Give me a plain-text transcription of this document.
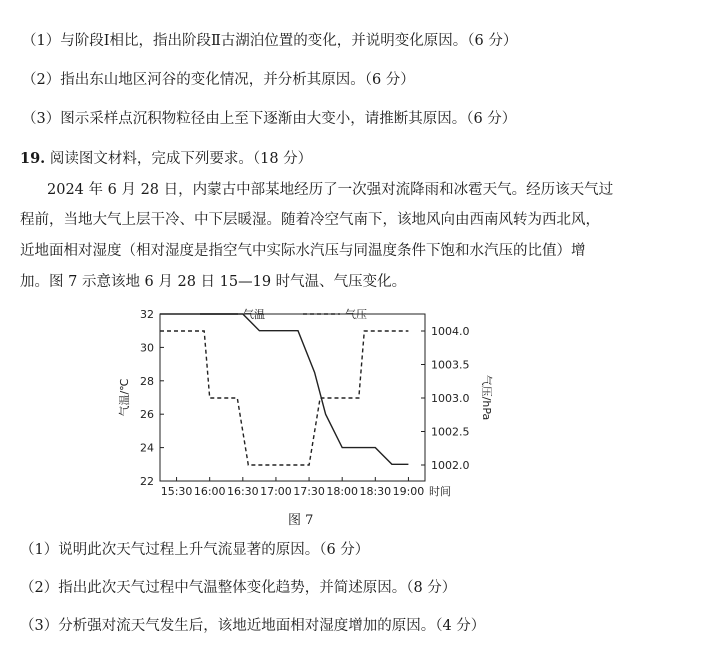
（1）与阶段Ⅰ相比，指出阶段Ⅱ古湖泊位置的变化，并说明变化原因。（6 分）
（2）指出东山地区河谷的变化情况，并分析其原因。（6 分）
（3）图示采样点沉积物粒径由上至下逐渐由大变小，请推断其原因。（6 分）
19. 阅读图文材料，完成下列要求。（18 分）
2024 年 6 月 28 日，内蒙古中部某地经历了一次强对流降雨和冰雹天气。经历该天气过
程前，当地大气上层干冷、中下层暖湿。随着冷空气南下，该地风向由西南风转为西北风，
近地面相对湿度（相对湿度是指空气中实际水汽压与同温度条件下饱和水汽压的比值）增
加。图 7 示意该地 6 月 28 日 15—19 时气温、气压变化。
32
30
28
26
24
22
气温/℃
1004.0
1003.5
1003.0
1002.5
1002.0
气压/hPa
15:30 16:00 16:30 17:00 17:30 18:00 18:30 19:00 时间
气温	气压
图 7
（1）说明此次天气过程上升气流显著的原因。（6 分）
（2）指出此次天气过程中气温整体变化趋势，并简述原因。（8 分）
（3）分析强对流天气发生后，该地近地面相对湿度增加的原因。（4 分）
